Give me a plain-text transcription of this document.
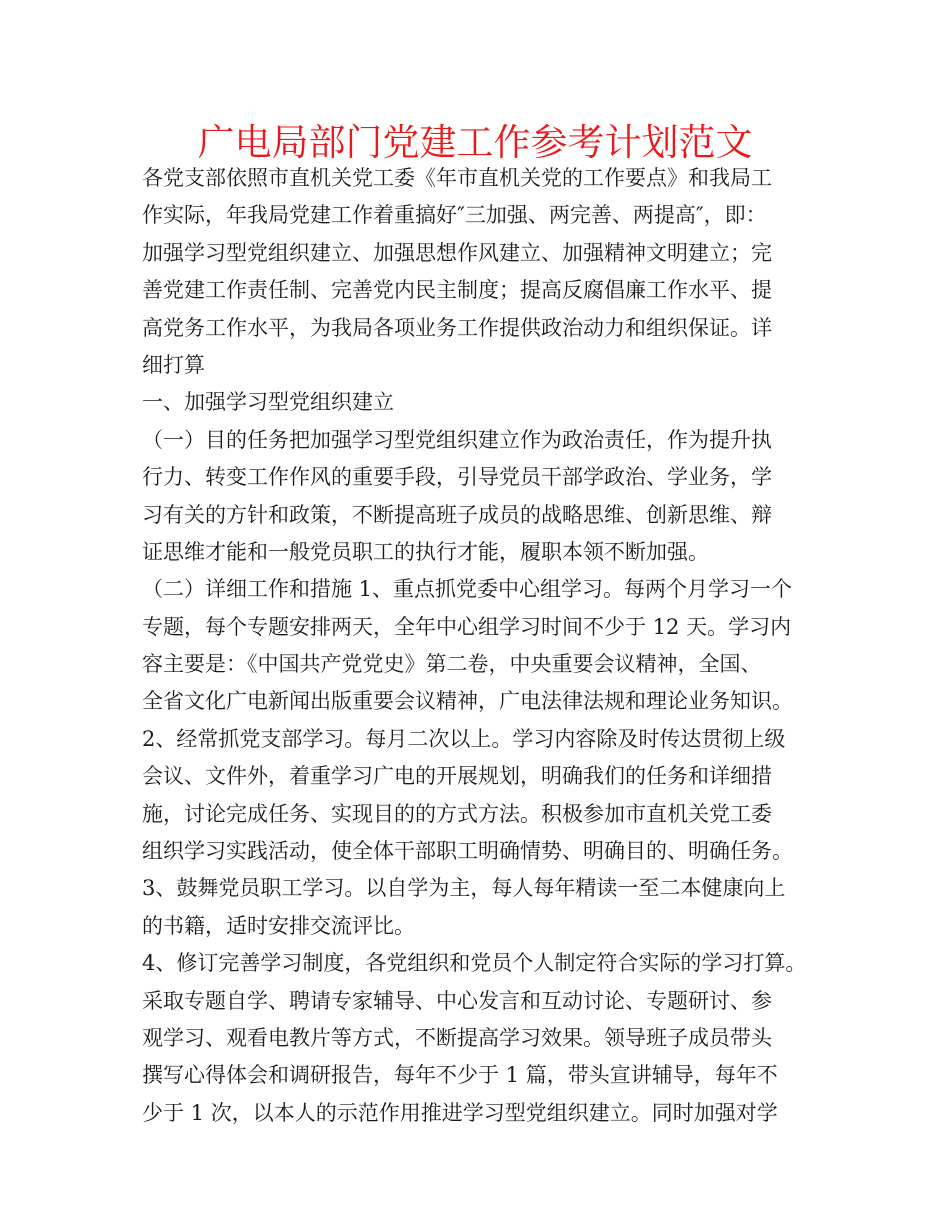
广电局部门党建工作参考计划范文
各党支部依照市直机关党工委《年市直机关党的工作要点》和我局工
作实际，年我局党建工作着重搞好″三加强、两完善、两提高″，即：
加强学习型党组织建立、加强思想作风建立、加强精神文明建立；完
善党建工作责任制、完善党内民主制度；提高反腐倡廉工作水平、提
高党务工作水平，为我局各项业务工作提供政治动力和组织保证。详
细打算
一、加强学习型党组织建立
（一）目的任务把加强学习型党组织建立作为政治责任，作为提升执
行力、转变工作作风的重要手段，引导党员干部学政治、学业务，学
习有关的方针和政策，不断提高班子成员的战略思维、创新思维、辩
证思维才能和一般党员职工的执行才能，履职本领不断加强。
（二）详细工作和措施 1、重点抓党委中心组学习。每两个月学习一个
专题，每个专题安排两天，全年中心组学习时间不少于 12 天。学习内
容主要是：《中国共产党党史》第二卷，中央重要会议精神，全国、
全省文化广电新闻出版重要会议精神，广电法律法规和理论业务知识。
2、经常抓党支部学习。每月二次以上。学习内容除及时传达贯彻上级
会议、文件外，着重学习广电的开展规划，明确我们的任务和详细措
施，讨论完成任务、实现目的的方式方法。积极参加市直机关党工委
组织学习实践活动，使全体干部职工明确情势、明确目的、明确任务。
3、鼓舞党员职工学习。以自学为主，每人每年精读一至二本健康向上
的书籍，适时安排交流评比。
4、修订完善学习制度，各党组织和党员个人制定符合实际的学习打算。
采取专题自学、聘请专家辅导、中心发言和互动讨论、专题研讨、参
观学习、观看电教片等方式，不断提高学习效果。领导班子成员带头
撰写心得体会和调研报告，每年不少于 1 篇，带头宣讲辅导，每年不
少于 1 次，以本人的示范作用推进学习型党组织建立。同时加强对学
